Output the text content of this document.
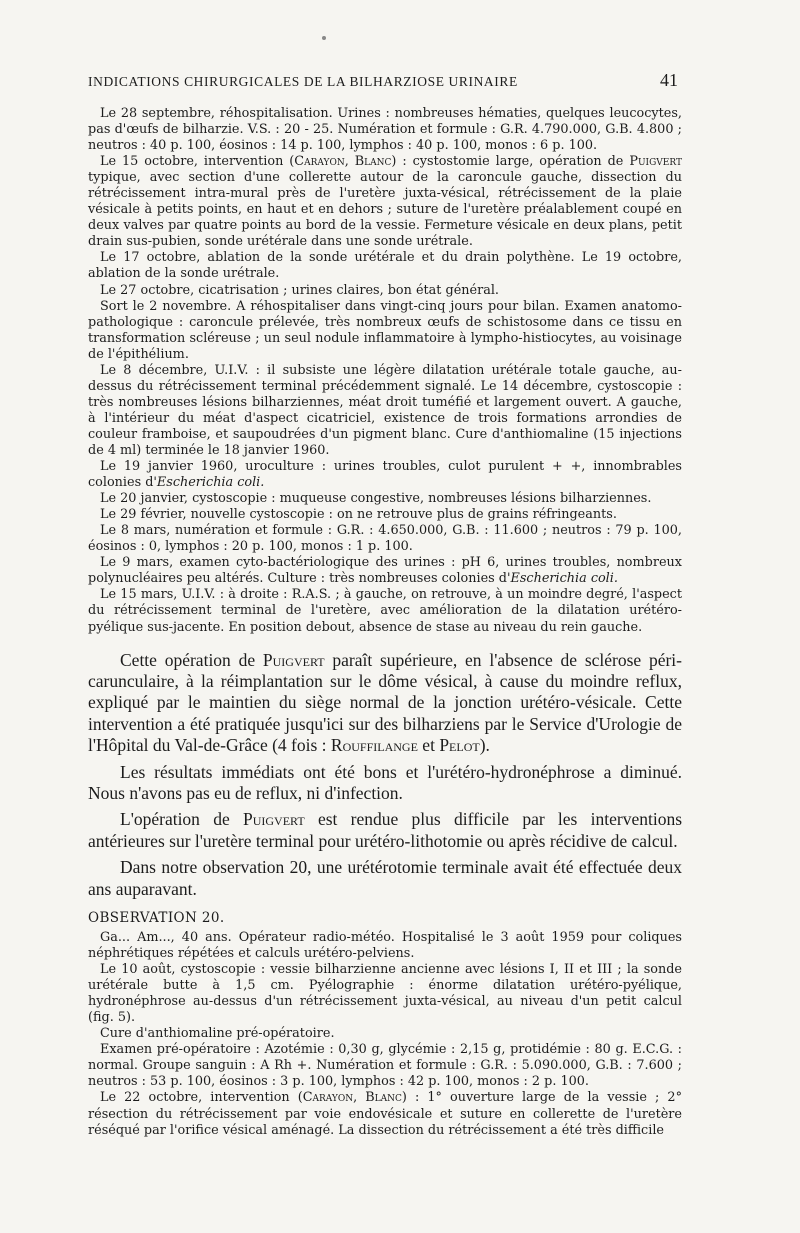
INDICATIONS CHIRURGICALES DE LA BILHARZIOSE URINAIRE	41

Le 28 septembre, réhospitalisation. Urines : nombreuses hématies, quelques leucocytes, pas d'œufs de bilharzie. V.S. : 20 - 25. Numération et formule : G.R. 4.790.000, G.B. 4.800 ; neutros : 40 p. 100, éosinos : 14 p. 100, lymphos : 40 p. 100, monos : 6 p. 100.

Le 15 octobre, intervention (Carayon, Blanc) : cystostomie large, opération de Puigvert typique, avec section d'une collerette autour de la caroncule gauche, dissection du rétrécissement intra-mural près de l'uretère juxta-vésical, rétrécissement de la plaie vésicale à petits points, en haut et en dehors ; suture de l'uretère préalablement coupé en deux valves par quatre points au bord de la vessie. Fermeture vésicale en deux plans, petit drain sus-pubien, sonde urétérale dans une sonde urétrale.

Le 17 octobre, ablation de la sonde urétérale et du drain polythène. Le 19 octobre, ablation de la sonde urétrale.

Le 27 octobre, cicatrisation ; urines claires, bon état général.

Sort le 2 novembre. A réhospitaliser dans vingt-cinq jours pour bilan. Examen anatomo-pathologique : caroncule prélevée, très nombreux œufs de schistosome dans ce tissu en transformation scléreuse ; un seul nodule inflammatoire à lympho-histiocytes, au voisinage de l'épithélium.

Le 8 décembre, U.I.V. : il subsiste une légère dilatation urétérale totale gauche, au-dessus du rétrécissement terminal précédemment signalé. Le 14 décembre, cystoscopie : très nombreuses lésions bilharziennes, méat droit tuméfié et largement ouvert. A gauche, à l'intérieur du méat d'aspect cicatriciel, existence de trois formations arrondies de couleur framboise, et saupoudrées d'un pigment blanc. Cure d'anthiomaline (15 injections de 4 ml) terminée le 18 janvier 1960.

Le 19 janvier 1960, uroculture : urines troubles, culot purulent + +, innombrables colonies d'Escherichia coli.

Le 20 janvier, cystoscopie : muqueuse congestive, nombreuses lésions bilharziennes.

Le 29 février, nouvelle cystoscopie : on ne retrouve plus de grains réfringeants.

Le 8 mars, numération et formule : G.R. : 4.650.000, G.B. : 11.600 ; neutros : 79 p. 100, éosinos : 0, lymphos : 20 p. 100, monos : 1 p. 100.

Le 9 mars, examen cyto-bactériologique des urines : pH 6, urines troubles, nombreux polynucléaires peu altérés. Culture : très nombreuses colonies d'Escherichia coli.

Le 15 mars, U.I.V. : à droite : R.A.S. ; à gauche, on retrouve, à un moindre degré, l'aspect du rétrécissement terminal de l'uretère, avec amélioration de la dilatation urétéro-pyélique sus-jacente. En position debout, absence de stase au niveau du rein gauche.

Cette opération de Puigvert paraît supérieure, en l'absence de sclérose péri-carunculaire, à la réimplantation sur le dôme vésical, à cause du moindre reflux, expliqué par le maintien du siège normal de la jonction urétéro-vésicale. Cette intervention a été pratiquée jusqu'ici sur des bilharziens par le Service d'Urologie de l'Hôpital du Val-de-Grâce (4 fois : Rouffilange et Pelot).

Les résultats immédiats ont été bons et l'urétéro-hydronéphrose a diminué. Nous n'avons pas eu de reflux, ni d'infection.

L'opération de Puigvert est rendue plus difficile par les interventions antérieures sur l'uretère terminal pour urétéro-lithotomie ou après récidive de calcul.

Dans notre observation 20, une urétérotomie terminale avait été effectuée deux ans auparavant.

OBSERVATION 20.

Ga... Am..., 40 ans. Opérateur radio-météo. Hospitalisé le 3 août 1959 pour coliques néphrétiques répétées et calculs urétéro-pelviens.

Le 10 août, cystoscopie : vessie bilharzienne ancienne avec lésions I, II et III ; la sonde urétérale butte à 1,5 cm. Pyélographie : énorme dilatation urétéro-pyélique, hydronéphrose au-dessus d'un rétrécissement juxta-vésical, au niveau d'un petit calcul (fig. 5).

Cure d'anthiomaline pré-opératoire.

Examen pré-opératoire : Azotémie : 0,30 g, glycémie : 2,15 g, protidémie : 80 g. E.C.G. : normal. Groupe sanguin : A Rh +. Numération et formule : G.R. : 5.090.000, G.B. : 7.600 ; neutros : 53 p. 100, éosinos : 3 p. 100, lymphos : 42 p. 100, monos : 2 p. 100.

Le 22 octobre, intervention (Carayon, Blanc) : 1° ouverture large de la vessie ; 2° résection du rétrécissement par voie endovésicale et suture en collerette de l'uretère réséqué par l'orifice vésical aménagé. La dissection du rétrécissement a été très difficile
